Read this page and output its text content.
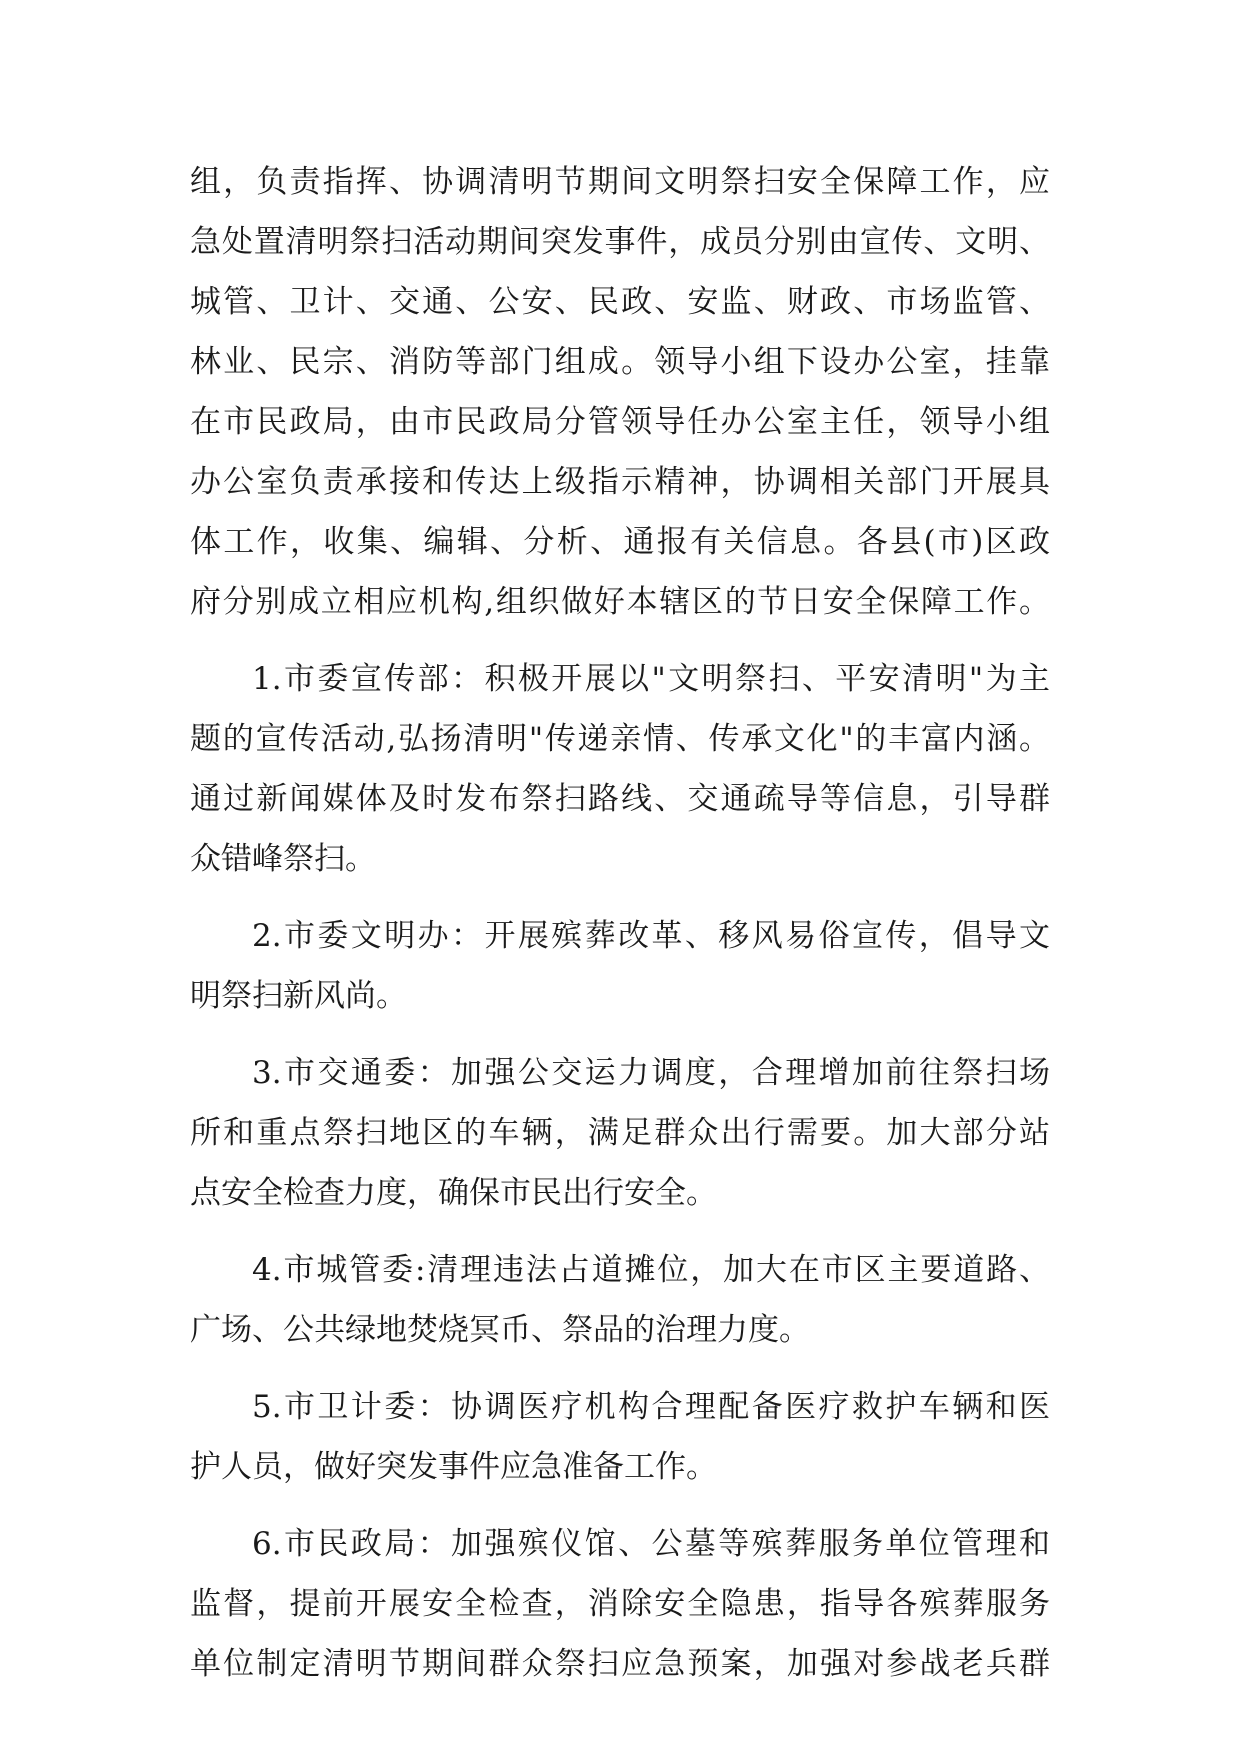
组，负责指挥、协调清明节期间文明祭扫安全保障工作，应
急处置清明祭扫活动期间突发事件，成员分别由宣传、文明、
城管、卫计、交通、公安、民政、安监、财政、市场监管、
林业、民宗、消防等部门组成。领导小组下设办公室，挂靠
在市民政局，由市民政局分管领导任办公室主任，领导小组
办公室负责承接和传达上级指示精神，协调相关部门开展具
体工作，收集、编辑、分析、通报有关信息。各县(市)区政
府分别成立相应机构,组织做好本辖区的节日安全保障工作。
1.市委宣传部：积极开展以"文明祭扫、平安清明"为主
题的宣传活动,弘扬清明"传递亲情、传承文化"的丰富内涵。
通过新闻媒体及时发布祭扫路线、交通疏导等信息，引导群
众错峰祭扫。
2.市委文明办：开展殡葬改革、移风易俗宣传，倡导文
明祭扫新风尚。
3.市交通委：加强公交运力调度，合理增加前往祭扫场
所和重点祭扫地区的车辆，满足群众出行需要。加大部分站
点安全检查力度，确保市民出行安全。
4.市城管委:清理违法占道摊位，加大在市区主要道路、
广场、公共绿地焚烧冥币、祭品的治理力度。
5.市卫计委：协调医疗机构合理配备医疗救护车辆和医
护人员，做好突发事件应急准备工作。
6.市民政局：加强殡仪馆、公墓等殡葬服务单位管理和
监督，提前开展安全检查，消除安全隐患，指导各殡葬服务
单位制定清明节期间群众祭扫应急预案，加强对参战老兵群
